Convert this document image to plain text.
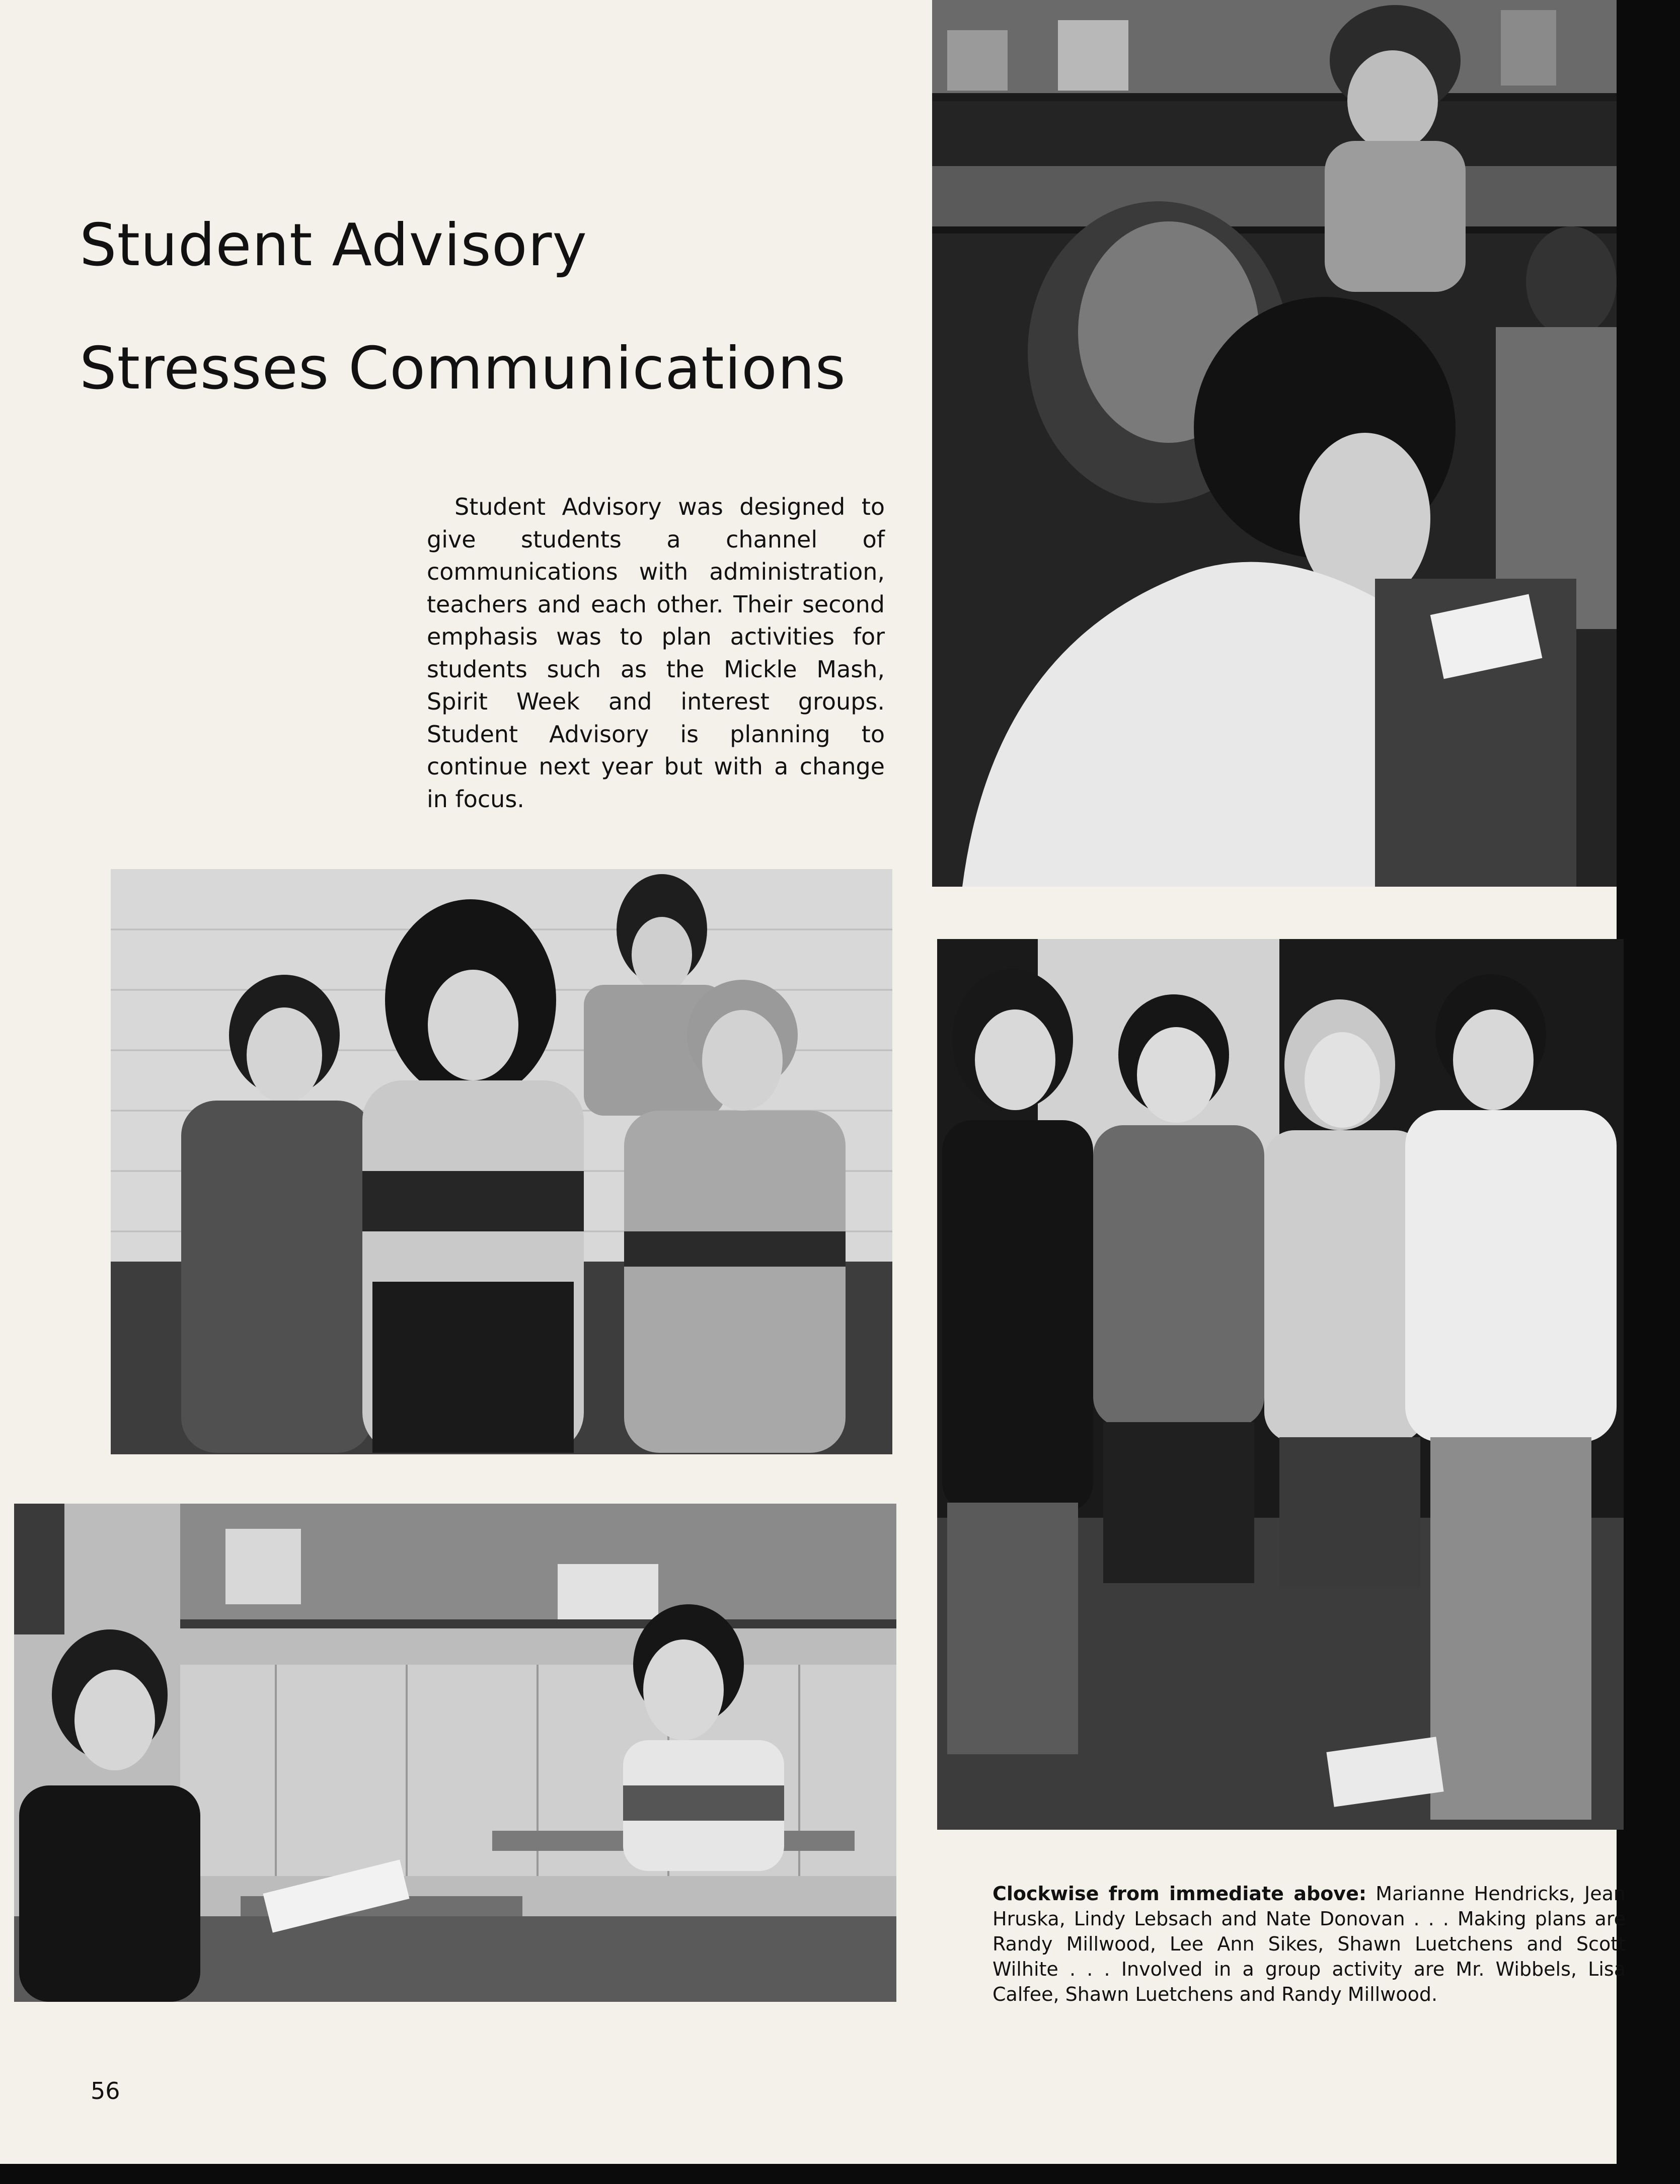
Student Advisory
Stresses Communications
Student Advisory was designed to give students a channel of communications with administration, teachers and each other. Their second emphasis was to plan activities for students such as the Mickle Mash, Spirit Week and interest groups. Student Advisory is planning to continue next year but with a change in focus.
Clockwise from immediate above: Marianne Hendricks, Jean Hruska, Lindy Lebsach and Nate Donovan . . . Making plans are Randy Millwood, Lee Ann Sikes, Shawn Luetchens and Scott Wilhite . . . Involved in a group activity are Mr. Wibbels, Lisa Calfee, Shawn Luetchens and Randy Millwood.
56
